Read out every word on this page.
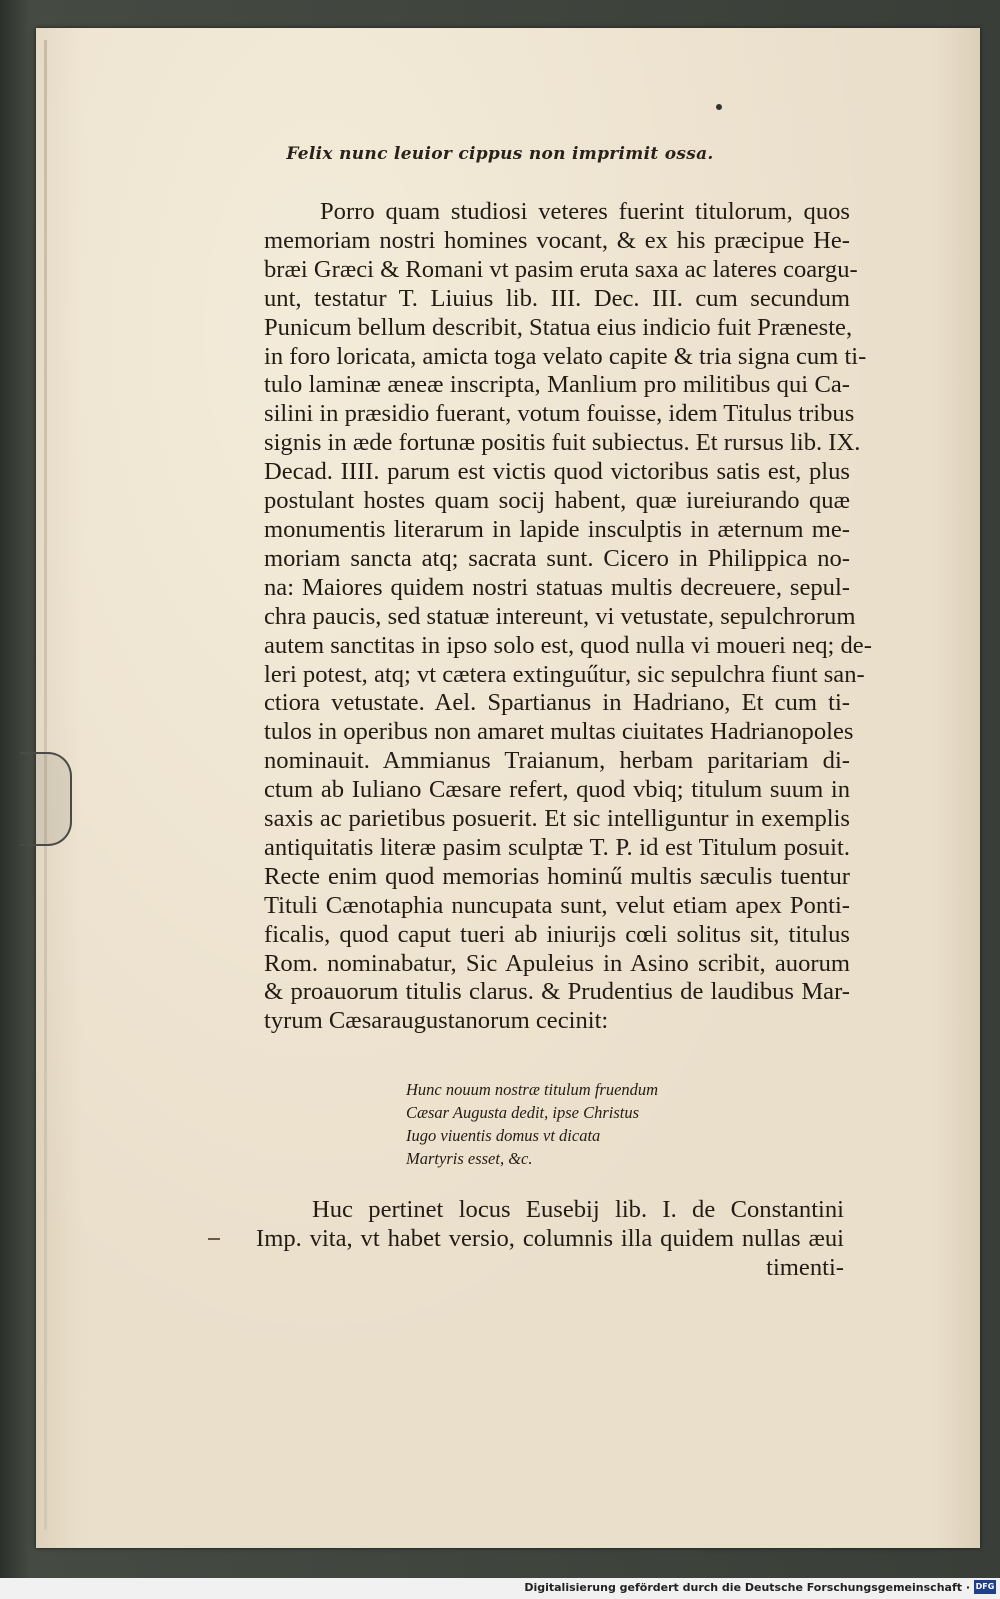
Felix nunc leuior cippus non imprimit ossa.
Porro quam studiosi veteres fuerint titulorum, quos
memoriam nostri homines vocant, & ex his præcipue He-
bræi Græci & Romani vt pasim eruta saxa ac lateres coargu-
unt, testatur T. Liuius lib. III. Dec. III. cum secundum
Punicum bellum describit, Statua eius indicio fuit Præneste,
in foro loricata, amicta toga velato capite & tria signa cum ti-
tulo laminæ æneæ inscripta, Manlium pro militibus qui Ca-
silini in præsidio fuerant, votum fouisse, idem Titulus tribus
signis in æde fortunæ positis fuit subiectus. Et rursus lib. IX.
Decad. IIII. parum est victis quod victoribus satis est, plus
postulant hostes quam socij habent, quæ iureiurando quæ
monumentis literarum in lapide insculptis in æternum me-
moriam sancta atq; sacrata sunt. Cicero in Philippica no-
na: Maiores quidem nostri statuas multis decreuere, sepul-
chra paucis, sed statuæ intereunt, vi vetustate, sepulchrorum
autem sanctitas in ipso solo est, quod nulla vi moueri neq; de-
leri potest, atq; vt cætera extinguűtur, sic sepulchra fiunt san-
ctiora vetustate. Ael. Spartianus in Hadriano, Et cum ti-
tulos in operibus non amaret multas ciuitates Hadrianopoles
nominauit. Ammianus Traianum, herbam paritariam di-
ctum ab Iuliano Cæsare refert, quod vbiq; titulum suum in
saxis ac parietibus posuerit. Et sic intelliguntur in exemplis
antiquitatis literæ pasim sculptæ T. P. id est Titulum posuit.
Recte enim quod memorias hominű multis sæculis tuentur
Tituli Cænotaphia nuncupata sunt, velut etiam apex Ponti-
ficalis, quod caput tueri ab iniurijs cœli solitus sit, titulus
Rom. nominabatur, Sic Apuleius in Asino scribit, auorum
& proauorum titulis clarus. & Prudentius de laudibus Mar-
tyrum Cæsaraugustanorum cecinit:
Hunc nouum nostræ titulum fruendum
Cæsar Augusta dedit, ipse Christus
Iugo viuentis domus vt dicata
Martyris esset, &c.
Huc pertinet locus Eusebij lib. I. de Constantini
Imp. vita, vt habet versio, columnis illa quidem nullas æui
timenti-
Digitalisierung gefördert durch die Deutsche Forschungsgemeinschaft · DFG
